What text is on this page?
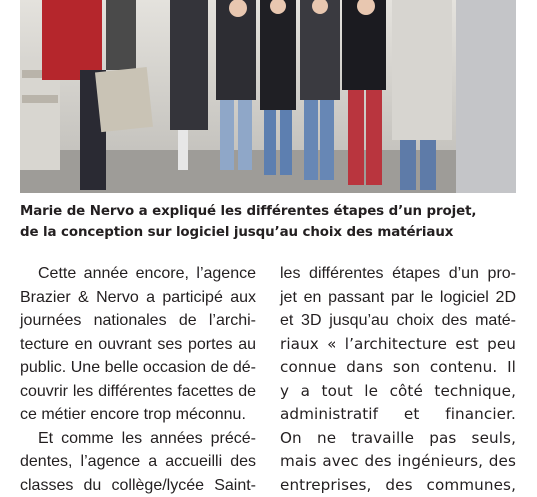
Marie de Nervo a expliqué les différentes étapes d’un projet,
de la conception sur logiciel jusqu’au choix des matériaux
Cette année encore, l’agence
Brazier & Nervo a participé aux
journées nationales de l’archi-
tecture en ouvrant ses portes au
public. Une belle occasion de dé-
couvrir les différentes facettes de
ce métier encore trop méconnu.
Et comme les années précé-
dentes, l’agence a accueilli des
classes du collège/lycée Saint-
les différentes étapes d’un pro-
jet en passant par le logiciel 2D
et 3D jusqu’au choix des maté-
riaux « l’architecture est peu
connue dans son contenu. Il
y a tout le côté technique,
administratif et financier.
On ne travaille pas seuls,
mais avec des ingénieurs, des
entreprises, des communes,
